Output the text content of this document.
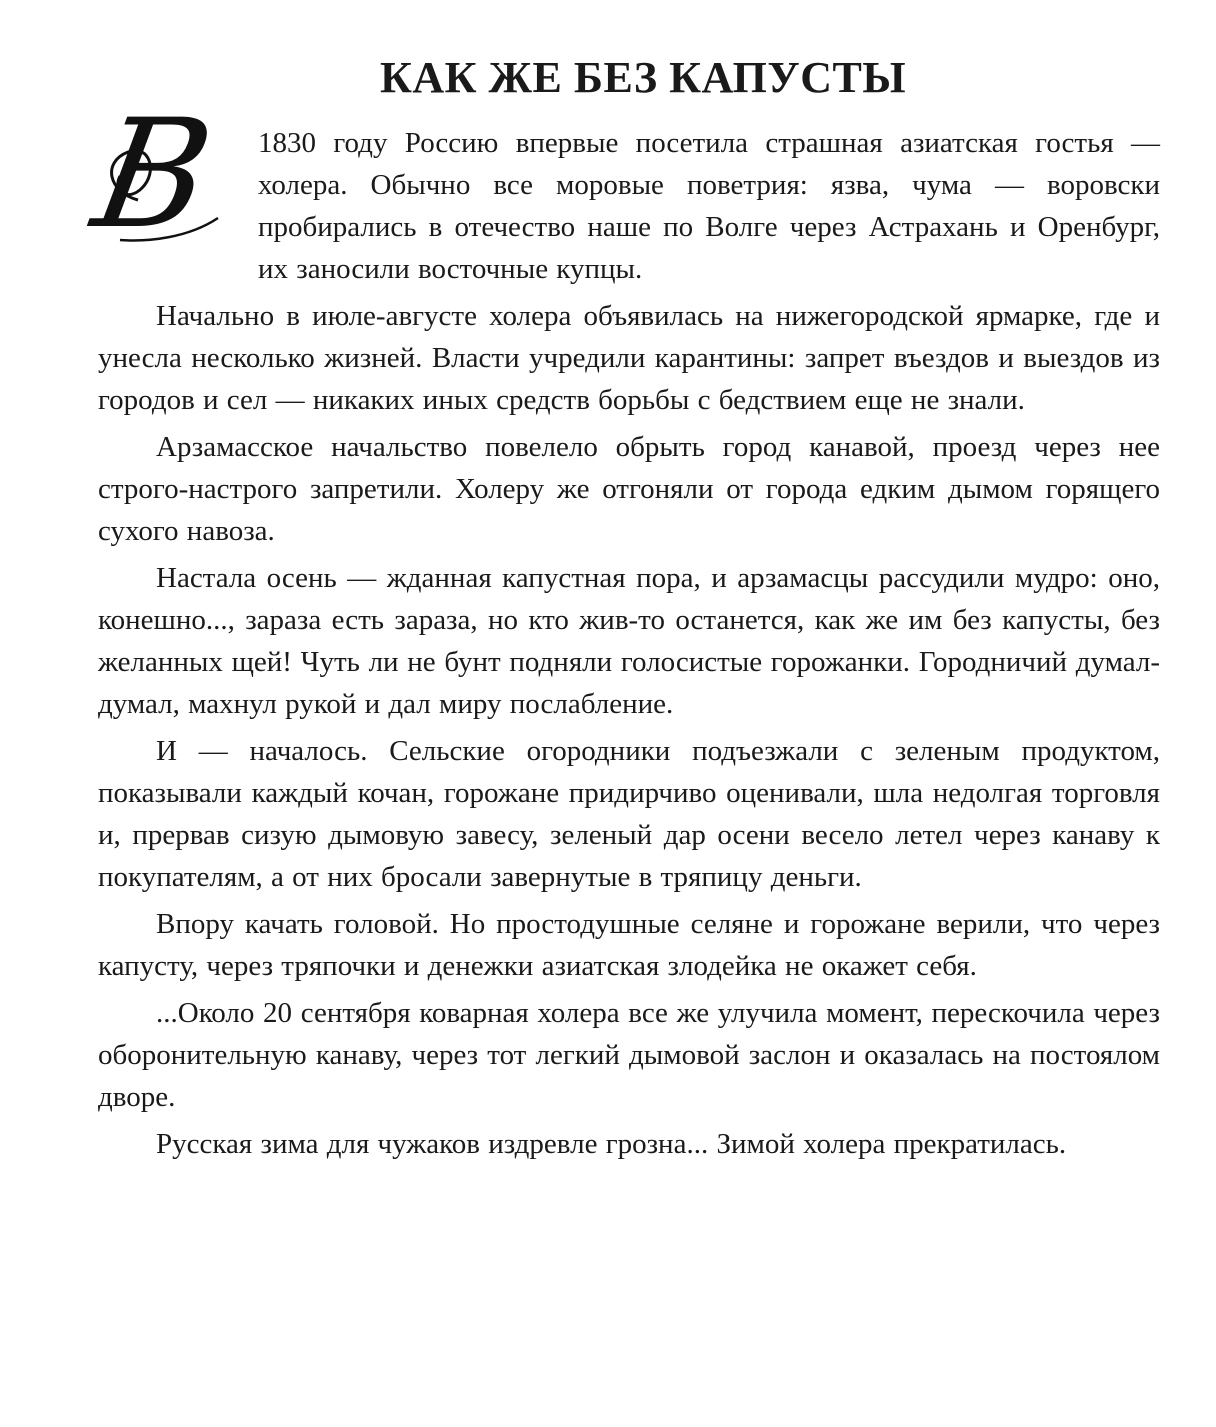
КАК ЖЕ БЕЗ КАПУСТЫ

В 1830 году Россию впервые посетила страшная азиатская гостья — холера. Обычно все моровые поветрия: язва, чума — воровски пробирались в отечество наше по Волге через Астрахань и Оренбург, их заносили восточные купцы.

Начально в июле-августе холера объявилась на нижегородской ярмарке, где и унесла несколько жизней. Власти учредили карантины: запрет въездов и выездов из городов и сел — никаких иных средств борьбы с бедствием еще не знали.

Арзамасское начальство повелело обрыть город канавой, проезд через нее строго-настрого запретили. Холеру же отгоняли от города едким дымом горящего сухого навоза.

Настала осень — жданная капустная пора, и арзамасцы рассудили мудро: оно, конешно..., зараза есть зараза, но кто жив-то останется, как же им без капусты, без желанных щей! Чуть ли не бунт подняли голосистые горожанки. Городничий думал-думал, махнул рукой и дал миру послабление.

И — началось. Сельские огородники подъезжали с зеленым продуктом, показывали каждый кочан, горожане придирчиво оценивали, шла недолгая торговля и, прервав сизую дымовую завесу, зеленый дар осени весело летел через канаву к покупателям, а от них бросали завернутые в тряпицу деньги.

Впору качать головой. Но простодушные селяне и горожане верили, что через капусту, через тряпочки и денежки азиатская злодейка не окажет себя.

...Около 20 сентября коварная холера все же улучила момент, перескочила через оборонительную канаву, через тот легкий дымовой заслон и оказалась на постоялом дворе.

Русская зима для чужаков издревле грозна... Зимой холера прекратилась.
